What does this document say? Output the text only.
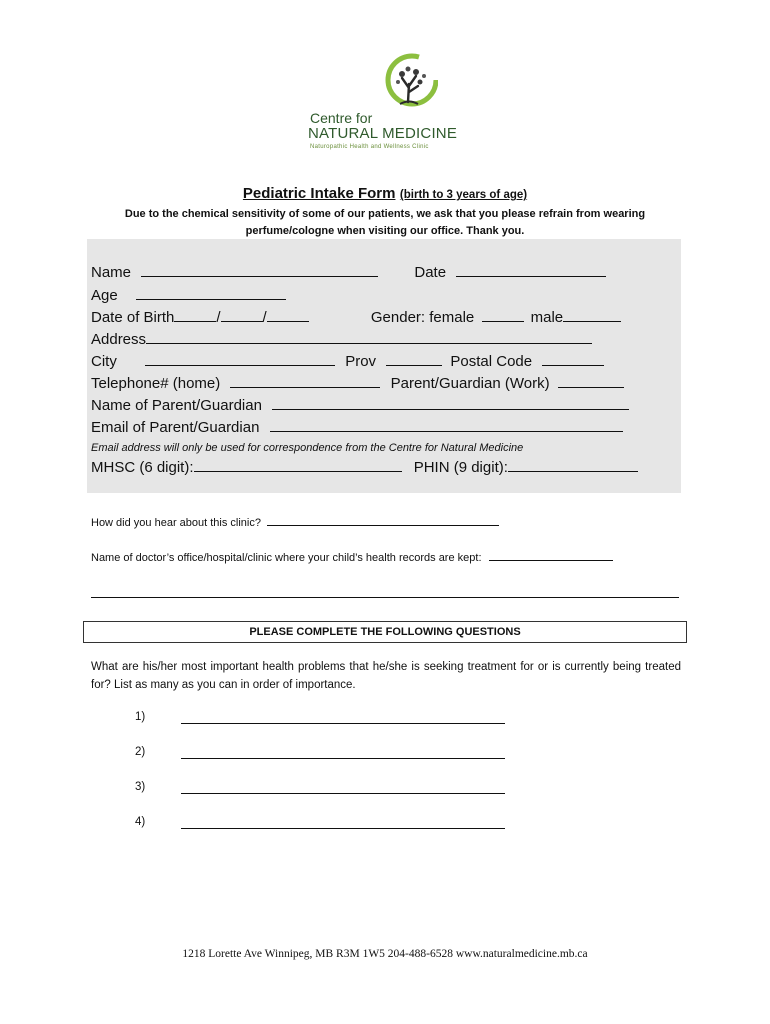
Centre for
NATURAL MEDICINE
Naturopathic Health and Wellness Clinic
Pediatric Intake Form (birth to 3 years of age)
Due to the chemical sensitivity of some of our patients, we ask that you please refrain from wearing perfume/cologne when visiting our office. Thank you.
Name	Date
Age
Date of Birth	/	/	Gender: female	male
Address
City	Prov	Postal Code
Telephone# (home)	Parent/Guardian (Work)
Name of Parent/Guardian
Email of Parent/Guardian
Email address will only be used for correspondence from the Centre for Natural Medicine
MHSC (6 digit):	PHIN (9 digit):
How did you hear about this clinic?
Name of doctor’s office/hospital/clinic where your child’s health records are kept:
PLEASE COMPLETE THE FOLLOWING QUESTIONS
What are his/her most important health problems that he/she is seeking treatment for or is currently being treated for? List as many as you can in order of importance.
1)
2)
3)
4)
1218 Lorette Ave Winnipeg, MB R3M 1W5 204-488-6528 www.naturalmedicine.mb.ca
